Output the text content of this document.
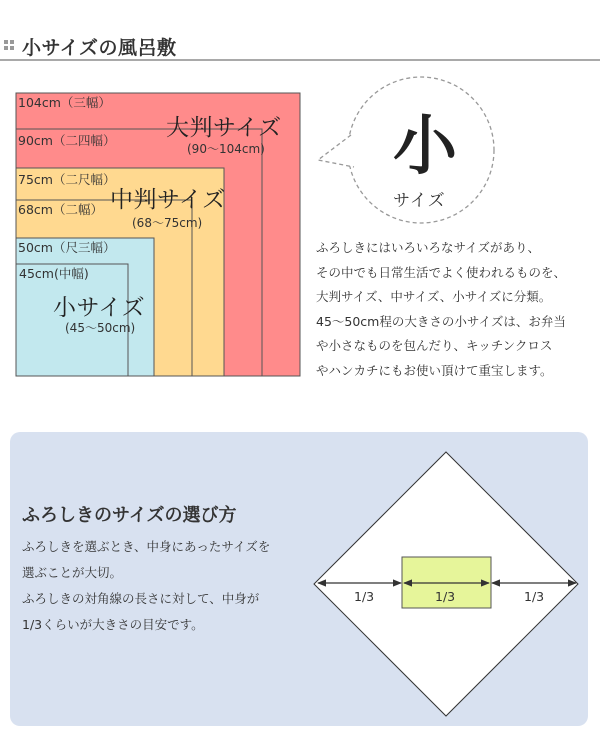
小サイズの風呂敷
104cm（三幅）
90cm（二四幅）
75cm（二尺幅）
68cm（二幅）
50cm（尺三幅）
45cm(中幅)
大判サイズ
(90〜104cm)
中判サイズ
(68〜75cm)
小サイズ
(45〜50cm)
小
サイズ

ふろしきにはいろいろなサイズがあり、

その中でも日常生活でよく使われるものを、

大判サイズ、中サイズ、小サイズに分類。

45〜50cm程の大きさの小サイズは、お弁当

や小さなものを包んだり、キッチンクロス

やハンカチにもお使い頂けて重宝します。

ふろしきのサイズの選び方

ふろしきを選ぶとき、中身にあったサイズを

選ぶことが大切。

ふろしきの対角線の長さに対して、中身が

1/3くらいが大きさの目安です。

1/3	1/3	1/3
